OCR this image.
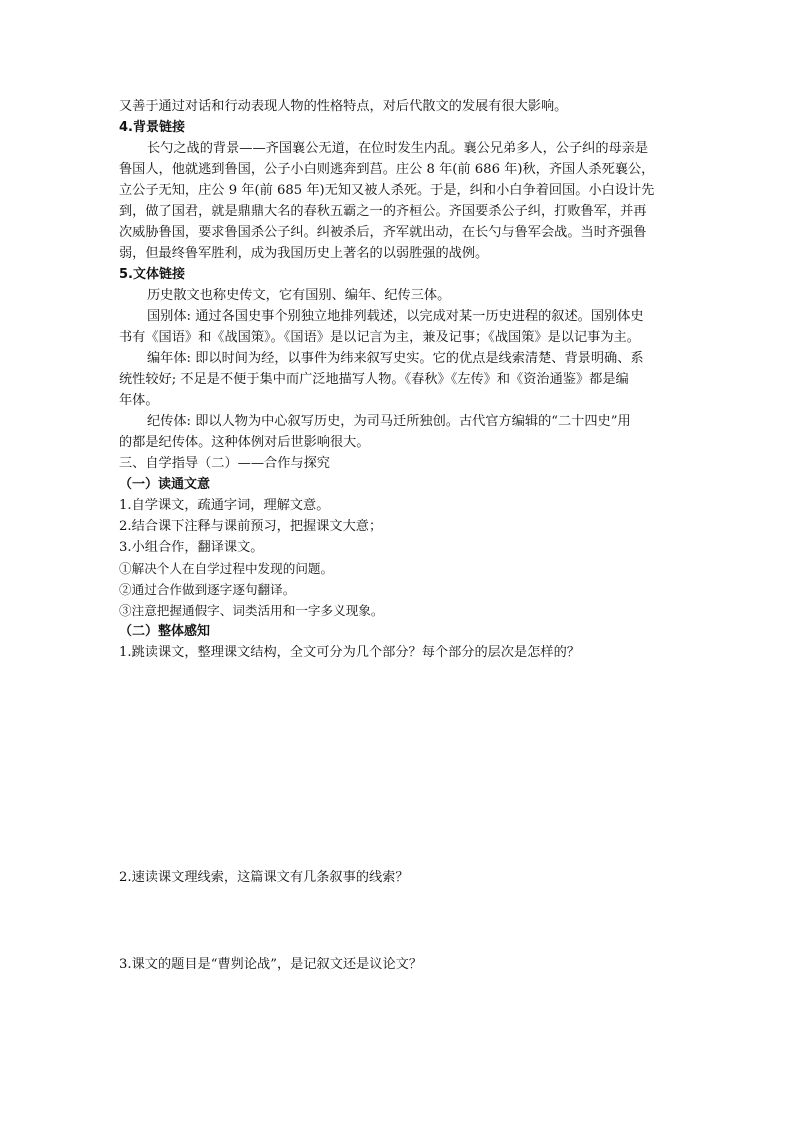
又善于通过对话和行动表现人物的性格特点，对后代散文的发展有很大影响。
4.背景链接
长勺之战的背景——齐国襄公无道，在位时发生内乱。襄公兄弟多人，公子纠的母亲是
鲁国人，他就逃到鲁国，公子小白则逃奔到莒。庄公 8 年(前 686 年)秋，齐国人杀死襄公，
立公子无知，庄公 9 年(前 685 年)无知又被人杀死。于是，纠和小白争着回国。小白设计先
到，做了国君，就是鼎鼎大名的春秋五霸之一的齐桓公。齐国要杀公子纠，打败鲁军，并再
次威胁鲁国，要求鲁国杀公子纠。纠被杀后，齐军就出动，在长勺与鲁军会战。当时齐强鲁
弱，但最终鲁军胜利，成为我国历史上著名的以弱胜强的战例。
5.文体链接
历史散文也称史传文，它有国别、编年、纪传三体。
国别体: 通过各国史事个别独立地排列载述，以完成对某一历史进程的叙述。国别体史
书有《国语》和《战国策》。《国语》是以记言为主，兼及记事；《战国策》是以记事为主。
编年体: 即以时间为经，以事件为纬来叙写史实。它的优点是线索清楚、背景明确、系
统性较好; 不足是不便于集中而广泛地描写人物。《春秋》《左传》和《资治通鉴》都是编
年体。
纪传体: 即以人物为中心叙写历史，为司马迁所独创。古代官方编辑的“二十四史”用
的都是纪传体。这种体例对后世影响很大。
三、自学指导（二）——合作与探究
（一）读通文意
1.自学课文，疏通字词，理解文意。
2.结合课下注释与课前预习，把握课文大意；
3.小组合作，翻译课文。
①解决个人在自学过程中发现的问题。
②通过合作做到逐字逐句翻译。
③注意把握通假字、词类活用和一字多义现象。
（二）整体感知
1.跳读课文，整理课文结构，全文可分为几个部分？每个部分的层次是怎样的？
2.速读课文理线索，这篇课文有几条叙事的线索？
3.课文的题目是“曹刿论战”，是记叙文还是议论文？
